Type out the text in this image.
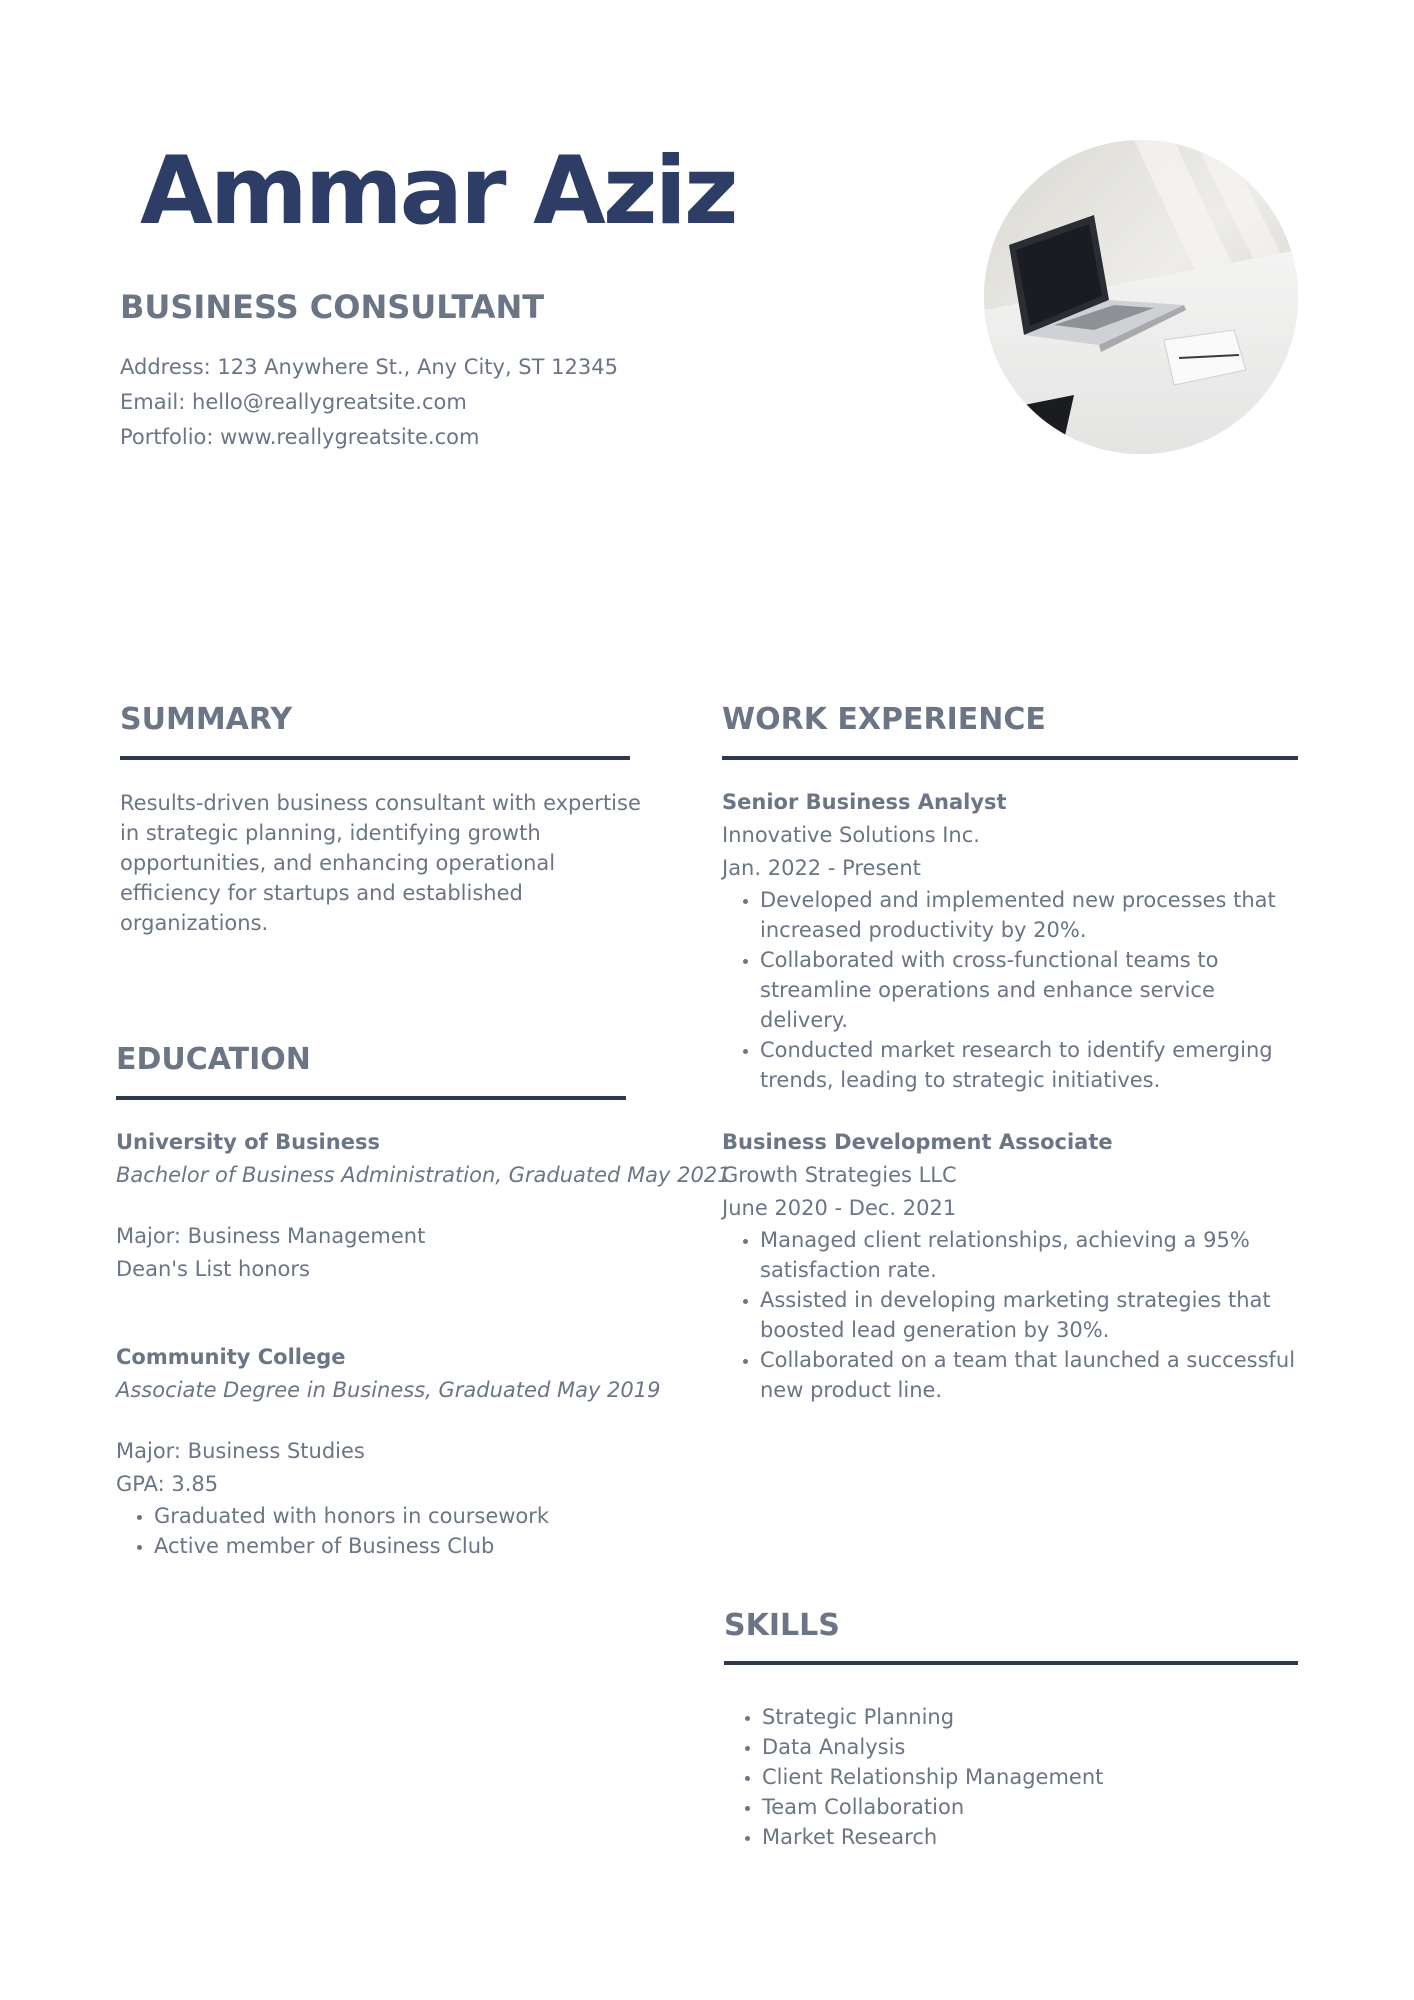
Ammar Aziz
BUSINESS CONSULTANT
Address: 123 Anywhere St., Any City, ST 12345
Email: hello@reallygreatsite.com
Portfolio: www.reallygreatsite.com
SUMMARY
Results-driven business consultant with expertise in strategic planning, identifying growth opportunities, and enhancing operational efficiency for startups and established organizations.
EDUCATION
University of Business
Bachelor of Business Administration, Graduated May 2021
Major: Business Management
Dean's List honors
Community College
Associate Degree in Business, Graduated May 2019
Major: Business Studies
GPA: 3.85
• Graduated with honors in coursework
• Active member of Business Club
WORK EXPERIENCE
Senior Business Analyst
Innovative Solutions Inc.
Jan. 2022 - Present
• Developed and implemented new processes that increased productivity by 20%.
• Collaborated with cross-functional teams to streamline operations and enhance service delivery.
• Conducted market research to identify emerging trends, leading to strategic initiatives.
Business Development Associate
Growth Strategies LLC
June 2020 - Dec. 2021
• Managed client relationships, achieving a 95% satisfaction rate.
• Assisted in developing marketing strategies that boosted lead generation by 30%.
• Collaborated on a team that launched a successful new product line.
SKILLS
• Strategic Planning
• Data Analysis
• Client Relationship Management
• Team Collaboration
• Market Research
